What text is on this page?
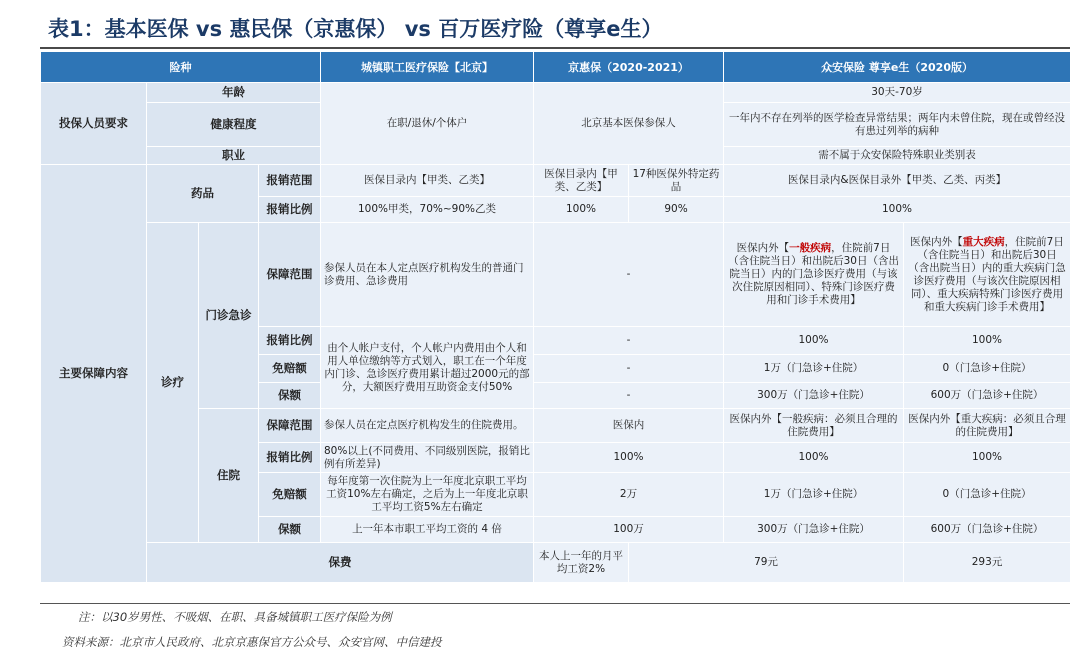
表1：基本医保 vs 惠民保（京惠保） vs 百万医疗险（尊享e生）
险种				城镇职工医疗保险【北京】	京惠保（2020-2021）		众安保险 尊享e生（2020版）	
投保人员要求	年龄			在职/退休/个体户	北京基本医保参保人		30天-70岁	
	健康程度						一年内不存在列举的医学检查异常结果；两年内未曾住院，现在或曾经没有患过列举的病种	
	职业						需不属于众安保险特殊职业类别表	
主要保障内容	药品		报销范围	医保目录内【甲类、乙类】	医保目录内【甲类、乙类】	17种医保外特定药品	医保目录内&医保目录外【甲类、乙类、丙类】	
			报销比例	100%甲类，70%~90%乙类	100%	90%	100%	
	诊疗	门诊急诊	保障范围	参保人员在本人定点医疗机构发生的普通门诊费用、急诊费用	-		医保内外【一般疾病，住院前7日（含住院当日）和出院后30日（含出院当日）内的门急诊医疗费用（与该次住院原因相同）、特殊门诊医疗费用和门诊手术费用】	医保内外【重大疾病，住院前7日（含住院当日）和出院后30日（含出院当日）内的重大疾病门急诊医疗费用（与该次住院原因相同）、重大疾病特殊门诊医疗费用和重大疾病门诊手术费用】
			报销比例	由个人帐户支付，个人帐户内费用由个人和用人单位缴纳等方式划入，职工在一个年度内门诊、急诊医疗费用累计超过2000元的部分，大额医疗费用互助资金支付50%	-		100%	100%
			免赔额		-		1万（门急诊+住院）	0（门急诊+住院）
			保额		-		300万（门急诊+住院）	600万（门急诊+住院）
		住院	保障范围	参保人员在定点医疗机构发生的住院费用。	医保内		医保内外【一般疾病：必须且合理的住院费用】	医保内外【重大疾病：必须且合理的住院费用】
			报销比例	80%以上(不同费用、不同级别医院，报销比例有所差异)	100%		100%	100%
			免赔额	每年度第一次住院为上一年度北京职工平均工资10%左右确定，之后为上一年度北京职工平均工资5%左右确定	2万		1万（门急诊+住院）	0（门急诊+住院）
			保额	上一年本市职工平均工资的 4 倍	100万		300万（门急诊+住院）	600万（门急诊+住院）
	保费				本人上一年的月平均工资2%	79元		293元
注：以30岁男性、不吸烟、在职、具备城镇职工医疗保险为例
资料来源：北京市人民政府、北京京惠保官方公众号、众安官网、中信建投
